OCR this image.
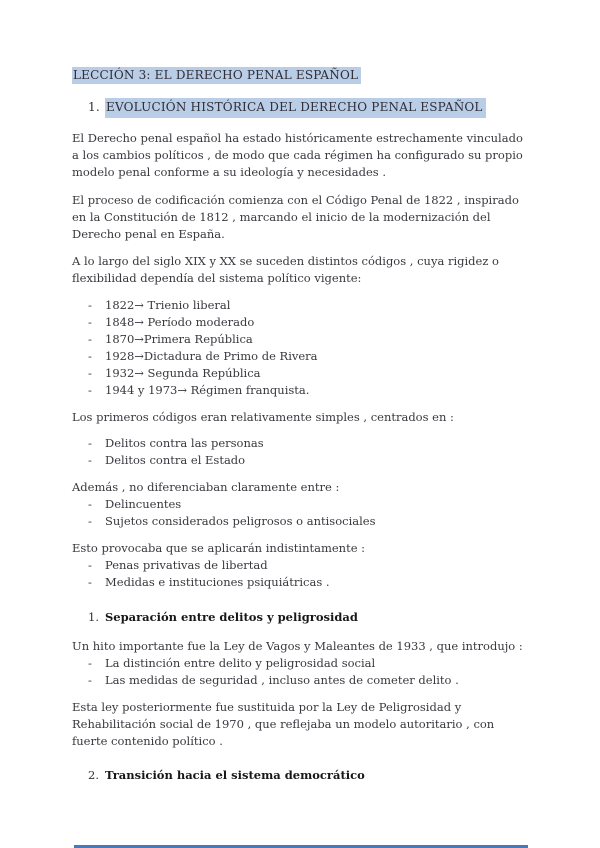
LECCIÓN 3: EL DERECHO PENAL ESPAÑOL
1. EVOLUCIÓN HISTÓRICA DEL DERECHO PENAL ESPAÑOL

El Derecho penal español ha estado históricamente estrechamente vinculado a los cambios políticos , de modo que cada régimen ha configurado su propio modelo penal conforme a su ideología y necesidades .

El proceso de codificación comienza con el Código Penal de 1822 , inspirado en la Constitución de 1812 , marcando el inicio de la modernización del Derecho penal en España.

A lo largo del siglo XIX y XX se suceden distintos códigos , cuya rigidez o flexibilidad dependía del sistema político vigente:

- 1822→ Trienio liberal
- 1848→ Período moderado
- 1870→Primera República
- 1928→Dictadura de Primo de Rivera
- 1932→ Segunda República
- 1944 y 1973→ Régimen franquista.

Los primeros códigos eran relativamente simples , centrados en :

- Delitos contra las personas
- Delitos contra el Estado

Además , no diferenciaban claramente entre :

- Delincuentes
- Sujetos considerados peligrosos o antisociales

Esto provocaba que se aplicarán indistintamente :

- Penas privativas de libertad
- Medidas e instituciones psiquiátricas .
1. Separación entre delitos y peligrosidad

Un hito importante fue la Ley de Vagos y Maleantes de 1933 , que introdujo :

- La distinción entre delito y peligrosidad social
- Las medidas de seguridad , incluso antes de cometer delito .

Esta ley posteriormente fue sustituida por la Ley de Peligrosidad y Rehabilitación social de 1970 , que reflejaba un modelo autoritario , con fuerte contenido político .

2. Transición hacia el sistema democrático
